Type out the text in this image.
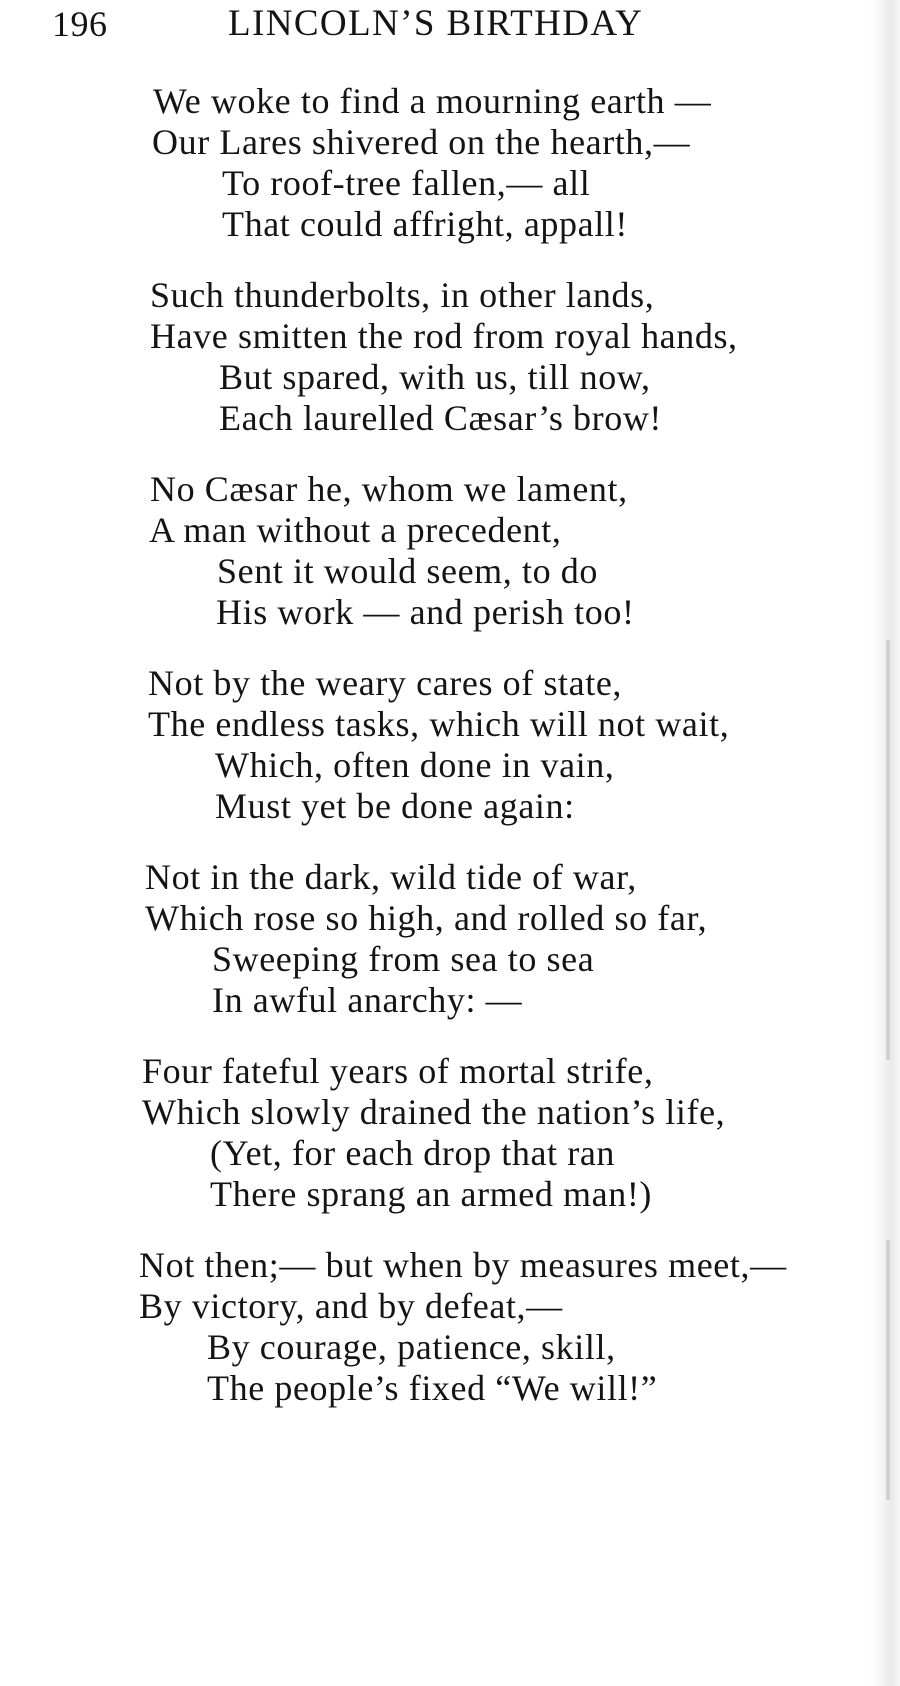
196	LINCOLN’S BIRTHDAY
We woke to find a mourning earth —
Our Lares shivered on the hearth,—
To roof-tree fallen,— all
That could affright, appall!
Such thunderbolts, in other lands,
Have smitten the rod from royal hands,
But spared, with us, till now,
Each laurelled Cæsar’s brow!
No Cæsar he, whom we lament,
A man without a precedent,
Sent it would seem, to do
His work — and perish too!
Not by the weary cares of state,
The endless tasks, which will not wait,
Which, often done in vain,
Must yet be done again:
Not in the dark, wild tide of war,
Which rose so high, and rolled so far,
Sweeping from sea to sea
In awful anarchy: —
Four fateful years of mortal strife,
Which slowly drained the nation’s life,
(Yet, for each drop that ran
There sprang an armed man!)
Not then;— but when by measures meet,—
By victory, and by defeat,—
By courage, patience, skill,
The people’s fixed “We will!”
